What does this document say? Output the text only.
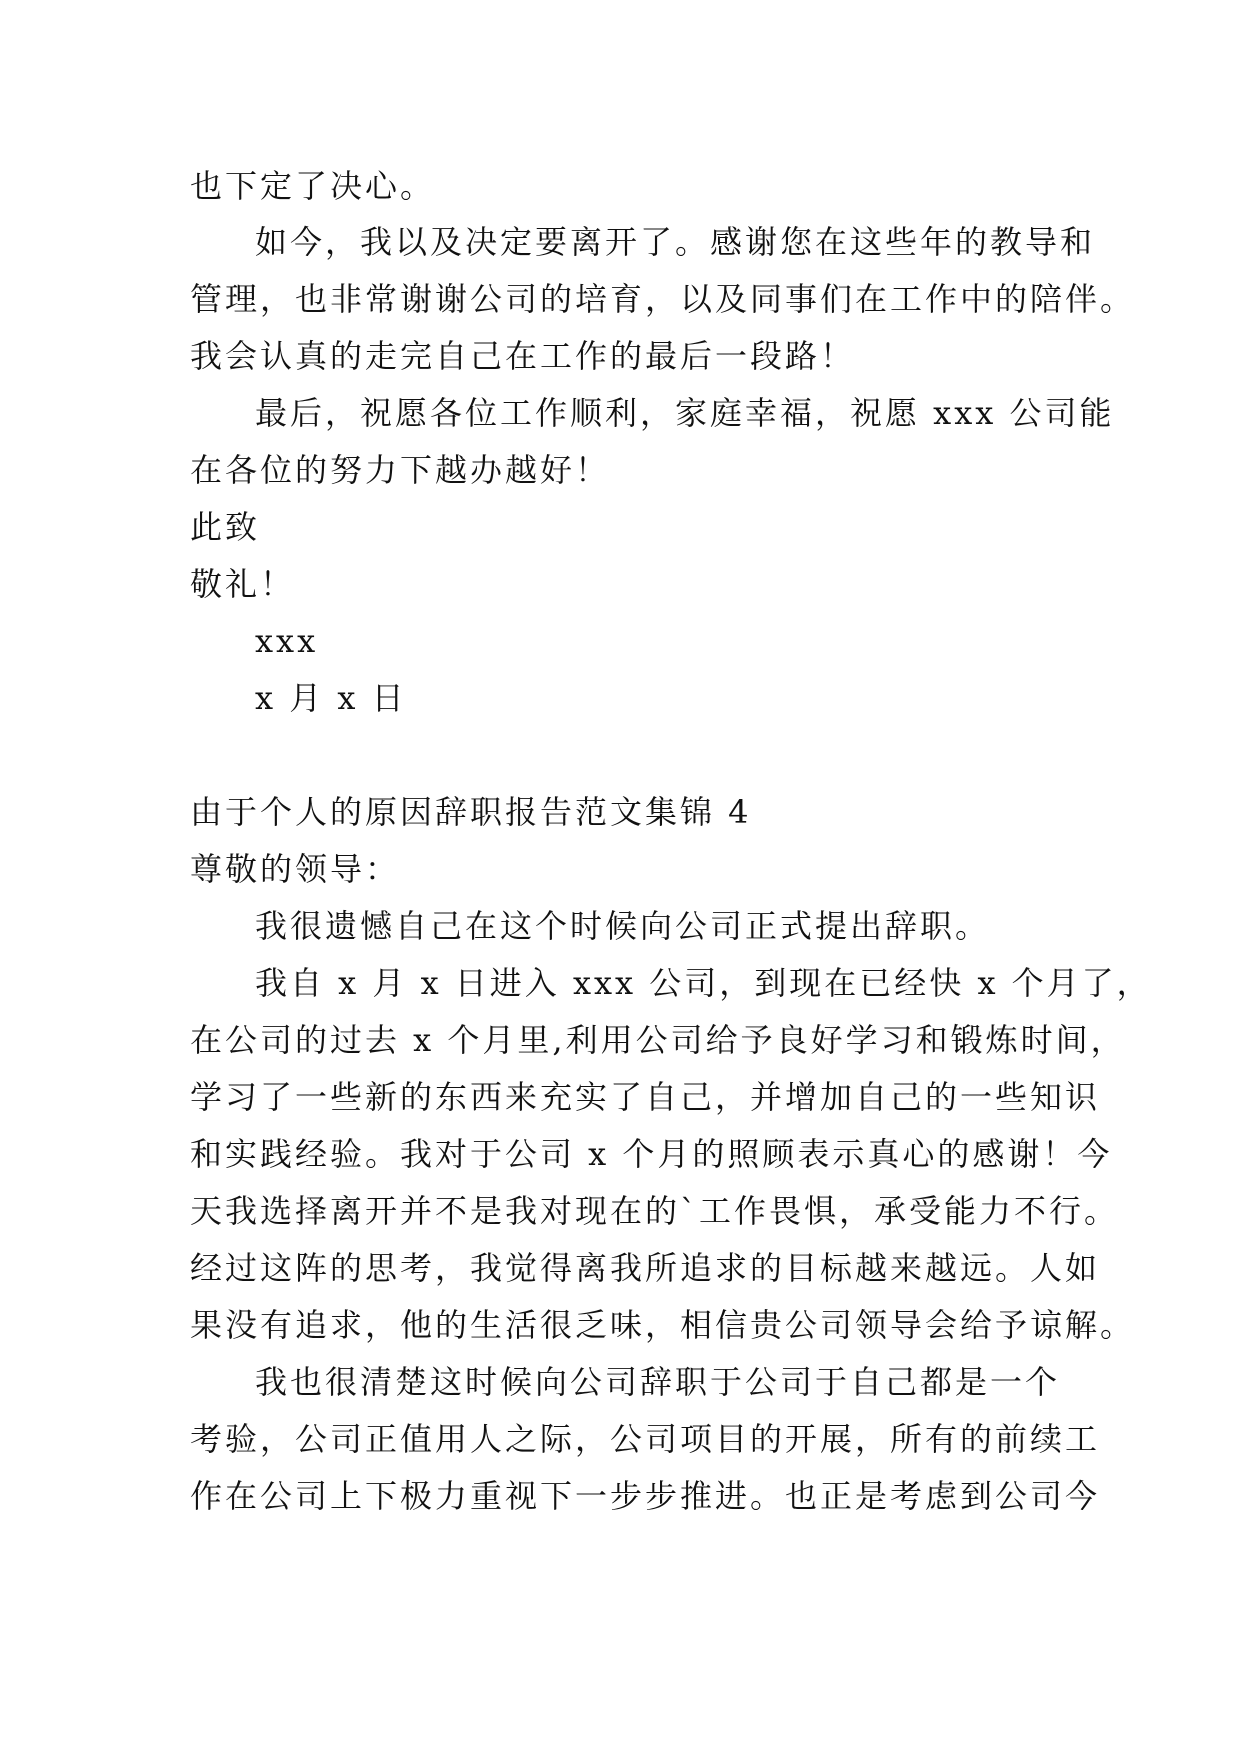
也下定了决心。
如今，我以及决定要离开了。感谢您在这些年的教导和
管理，也非常谢谢公司的培育，以及同事们在工作中的陪伴。
我会认真的走完自己在工作的最后一段路！
最后，祝愿各位工作顺利，家庭幸福，祝愿 xxx 公司能
在各位的努力下越办越好！
此致
敬礼！
xxx
x 月 x 日
由于个人的原因辞职报告范文集锦 4
尊敬的领导：
我很遗憾自己在这个时候向公司正式提出辞职。
我自 x 月 x 日进入 xxx 公司，到现在已经快 x 个月了，
在公司的过去 x 个月里,利用公司给予良好学习和锻炼时间，
学习了一些新的东西来充实了自己，并增加自己的一些知识
和实践经验。我对于公司 x 个月的照顾表示真心的感谢！今
天我选择离开并不是我对现在的`工作畏惧，承受能力不行。
经过这阵的思考，我觉得离我所追求的目标越来越远。人如
果没有追求，他的生活很乏味，相信贵公司领导会给予谅解。
我也很清楚这时候向公司辞职于公司于自己都是一个
考验，公司正值用人之际，公司项目的开展，所有的前续工
作在公司上下极力重视下一步步推进。也正是考虑到公司今
